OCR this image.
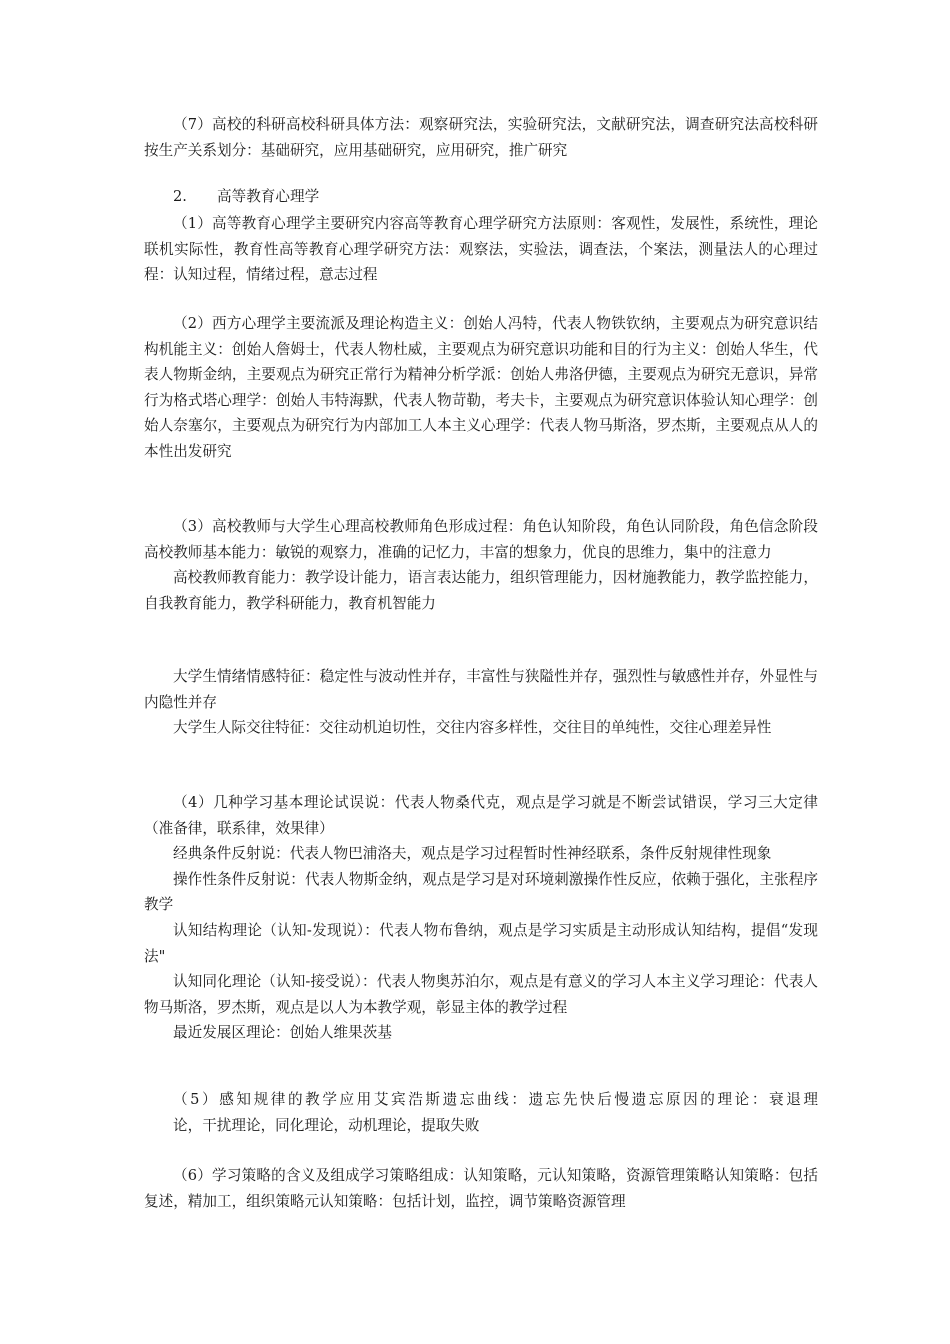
（7）高校的科研高校科研具体方法：观察研究法，实验研究法，文献研究法，调查研究法高校科研按生产关系划分：基础研究，应用基础研究，应用研究，推广研究

2. 高等教育心理学

（1）高等教育心理学主要研究内容高等教育心理学研究方法原则：客观性，发展性，系统性，理论联机实际性，教育性高等教育心理学研究方法：观察法，实验法，调查法，个案法，测量法人的心理过程：认知过程，情绪过程，意志过程

（2）西方心理学主要流派及理论构造主义：创始人冯特，代表人物铁钦纳，主要观点为研究意识结构机能主义：创始人詹姆士，代表人物杜威，主要观点为研究意识功能和目的行为主义：创始人华生，代表人物斯金纳，主要观点为研究正常行为精神分析学派：创始人弗洛伊德，主要观点为研究无意识，异常行为格式塔心理学：创始人韦特海默，代表人物苛勒，考夫卡，主要观点为研究意识体验认知心理学：创始人奈塞尔，主要观点为研究行为内部加工人本主义心理学：代表人物马斯洛，罗杰斯，主要观点从人的本性出发研究

（3）高校教师与大学生心理高校教师角色形成过程：角色认知阶段，角色认同阶段，角色信念阶段高校教师基本能力：敏锐的观察力，准确的记忆力，丰富的想象力，优良的思维力，集中的注意力

高校教师教育能力：教学设计能力，语言表达能力，组织管理能力，因材施教能力，教学监控能力，自我教育能力，教学科研能力，教育机智能力

大学生情绪情感特征：稳定性与波动性并存，丰富性与狭隘性并存，强烈性与敏感性并存，外显性与内隐性并存

大学生人际交往特征：交往动机迫切性，交往内容多样性，交往目的单纯性，交往心理差异性

（4）几种学习基本理论试误说：代表人物桑代克，观点是学习就是不断尝试错误，学习三大定律（准备律，联系律，效果律）

经典条件反射说：代表人物巴浦洛夫，观点是学习过程暂时性神经联系，条件反射规律性现象

操作性条件反射说：代表人物斯金纳，观点是学习是对环境刺激操作性反应，依赖于强化，主张程序教学

认知结构理论（认知-发现说）：代表人物布鲁纳，观点是学习实质是主动形成认知结构，提倡“发现法"

认知同化理论（认知-接受说）：代表人物奥苏泊尔，观点是有意义的学习人本主义学习理论：代表人物马斯洛，罗杰斯，观点是以人为本教学观，彰显主体的教学过程

最近发展区理论：创始人维果茨基

（5）感知规律的教学应用艾宾浩斯遗忘曲线：遗忘先快后慢遗忘原因的理论：衰退理

论，干扰理论，同化理论，动机理论，提取失败

（6）学习策略的含义及组成学习策略组成：认知策略，元认知策略，资源管理策略认知策略：包括复述，精加工，组织策略元认知策略：包括计划，监控，调节策略资源管理
